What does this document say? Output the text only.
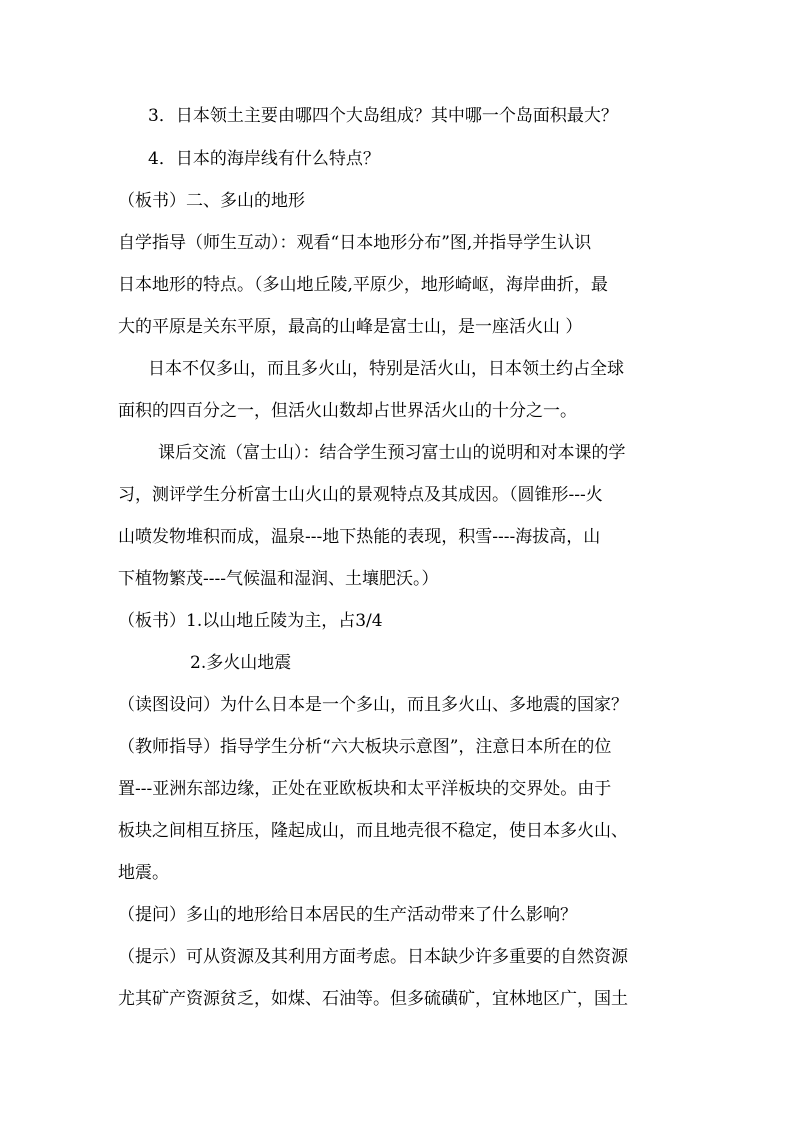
3．日本领土主要由哪四个大岛组成？其中哪一个岛面积最大？
4．日本的海岸线有什么特点？
（板书）二、多山的地形
自学指导（师生互动）：观看“日本地形分布”图,并指导学生认识
日本地形的特点。（多山地丘陵,平原少，地形崎岖，海岸曲折，最
大的平原是关东平原，最高的山峰是富士山，是一座活火山 ）
日本不仅多山，而且多火山，特别是活火山，日本领土约占全球
面积的四百分之一，但活火山数却占世界活火山的十分之一。
课后交流（富士山）：结合学生预习富士山的说明和对本课的学
习，测评学生分析富士山火山的景观特点及其成因。（圆锥形---火
山喷发物堆积而成，温泉---地下热能的表现，积雪----海拔高，山
下植物繁茂----气候温和湿润、土壤肥沃。）
（板书）1.以山地丘陵为主，占3/4
2.多火山地震
（读图设问）为什么日本是一个多山，而且多火山、多地震的国家？
（教师指导）指导学生分析“六大板块示意图”，注意日本所在的位
置---亚洲东部边缘，正处在亚欧板块和太平洋板块的交界处。由于
板块之间相互挤压，隆起成山，而且地壳很不稳定，使日本多火山、
地震。
（提问）多山的地形给日本居民的生产活动带来了什么影响？
（提示）可从资源及其利用方面考虑。日本缺少许多重要的自然资源
尤其矿产资源贫乏，如煤、石油等。但多硫磺矿，宜林地区广，国土
